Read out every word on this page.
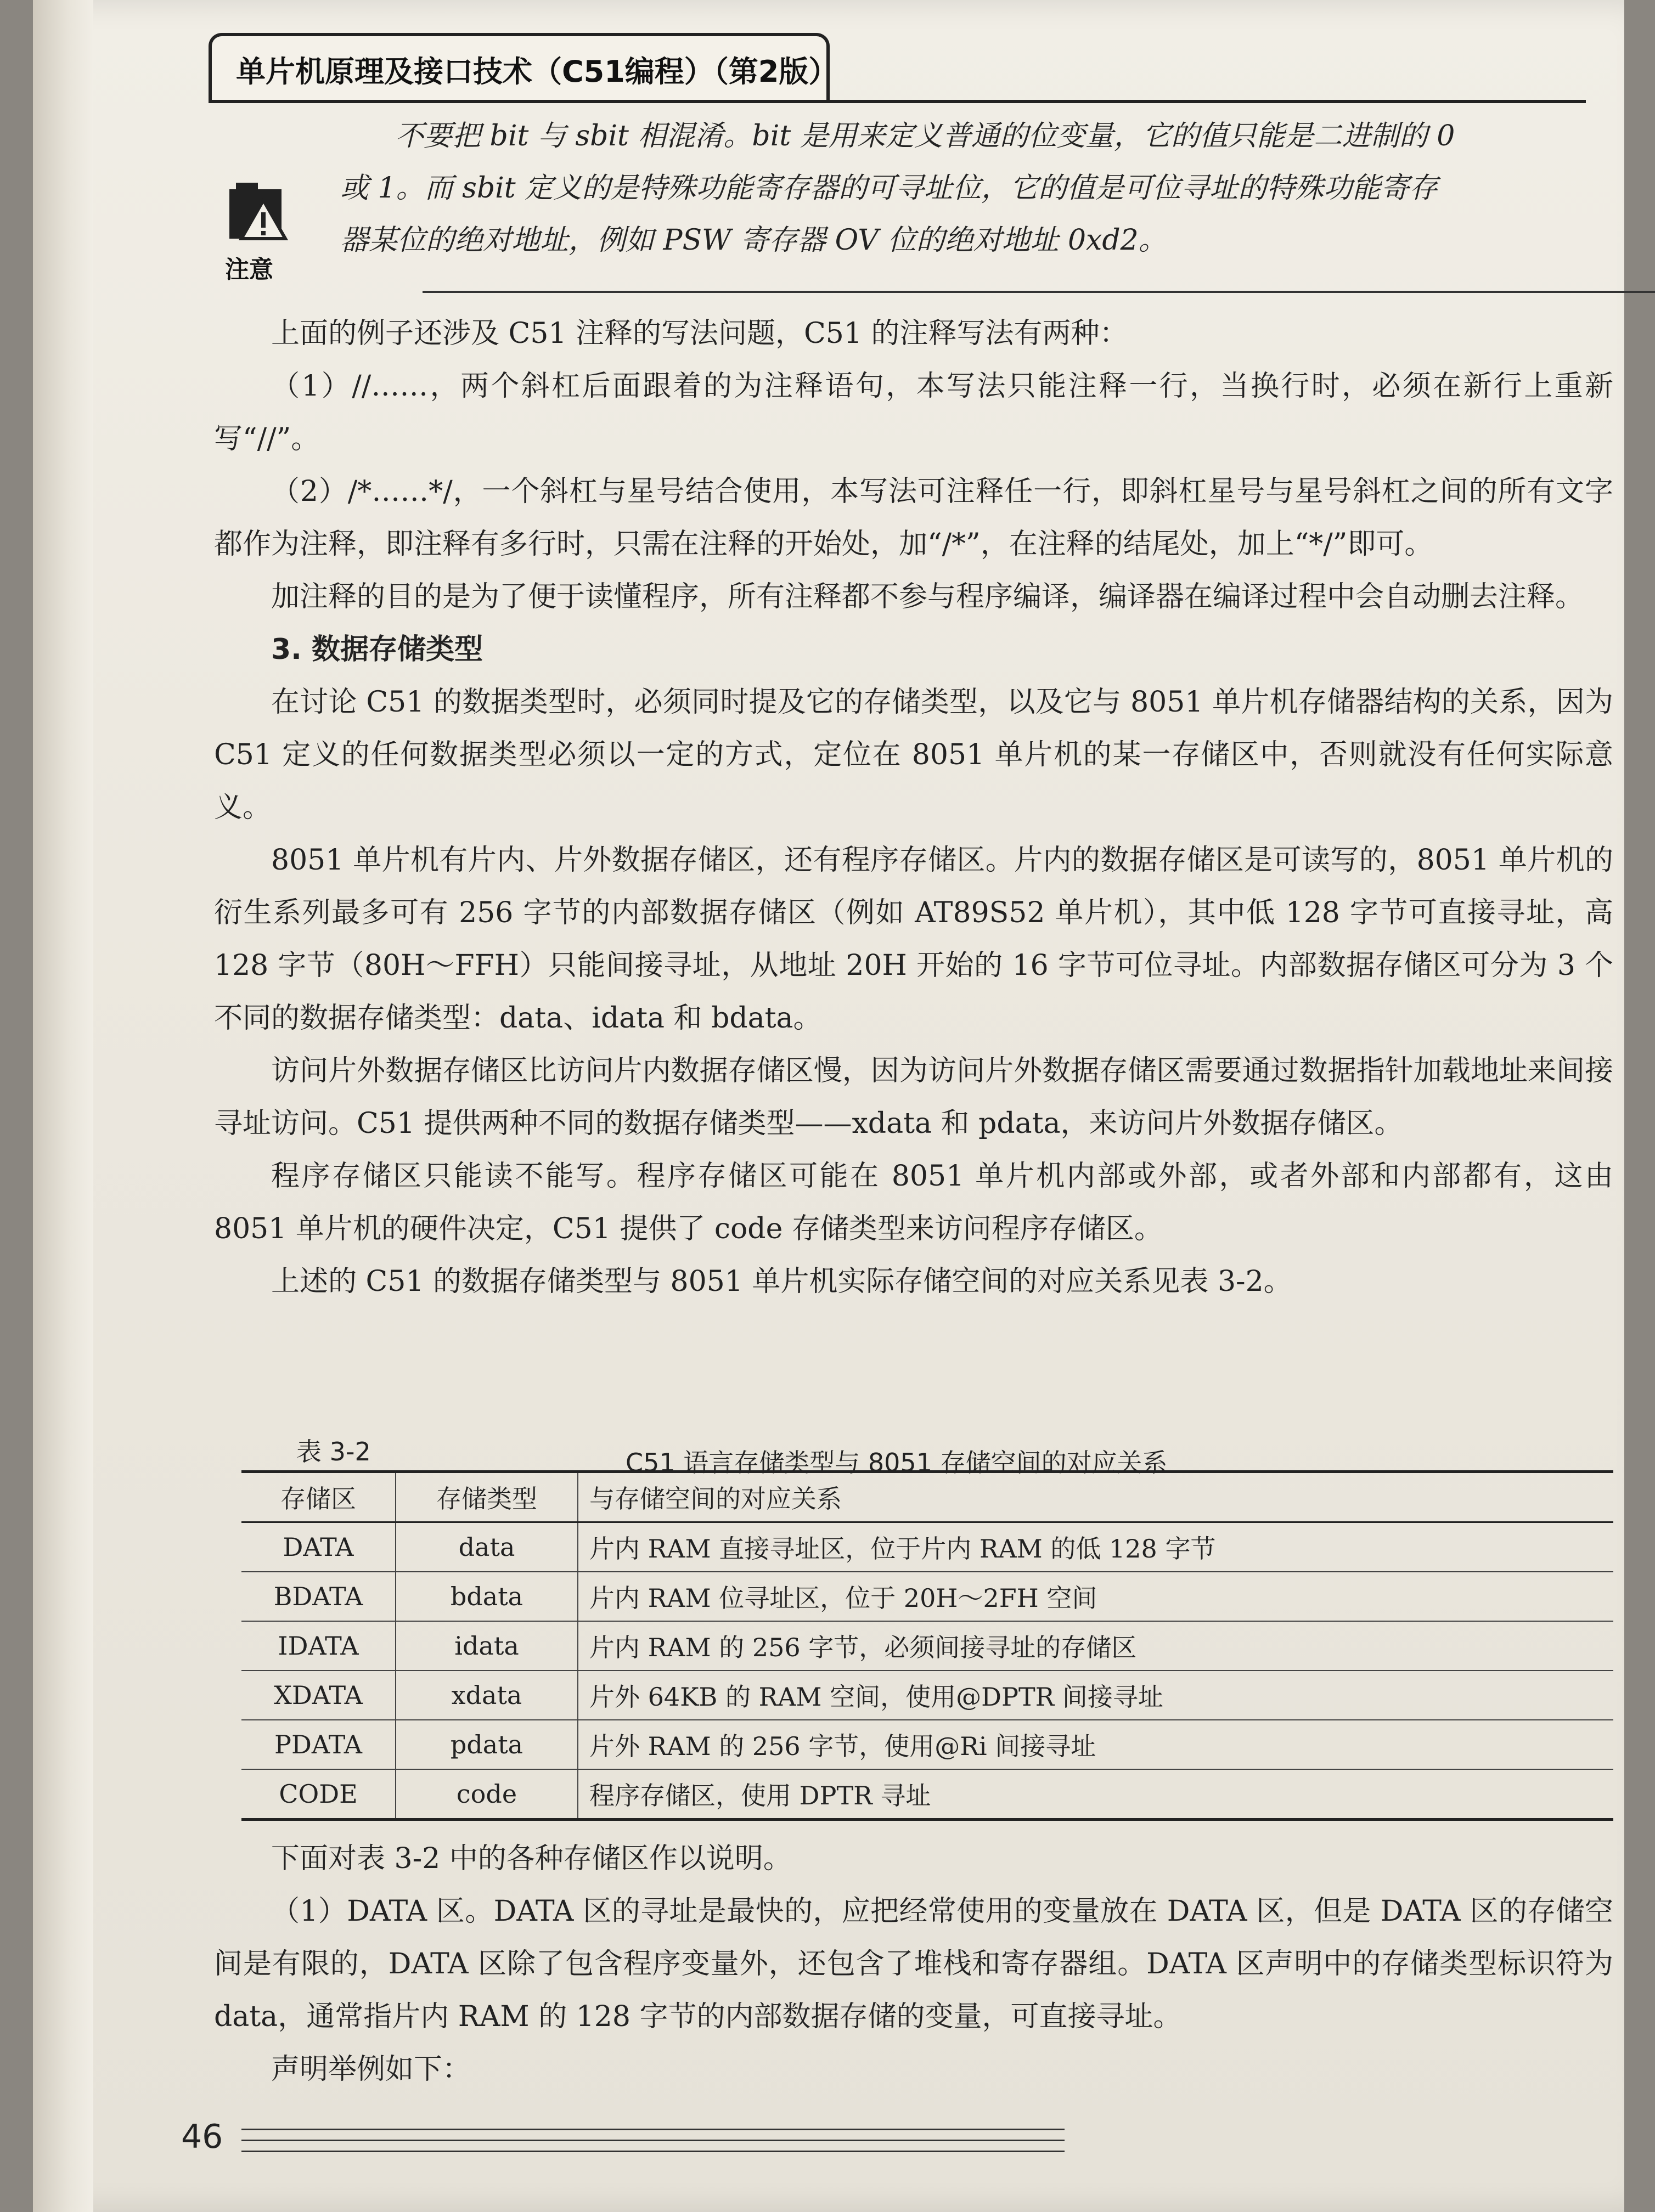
单片机原理及接口技术（C51编程）（第2版）
注意
不要把 bit 与 sbit 相混淆。bit 是用来定义普通的位变量，它的值只能是二进制的 0
或 1。而 sbit 定义的是特殊功能寄存器的可寻址位，它的值是可位寻址的特殊功能寄存
器某位的绝对地址，例如 PSW 寄存器 OV 位的绝对地址 0xd2。

上面的例子还涉及 C51 注释的写法问题，C51 的注释写法有两种：

（1）//……，两个斜杠后面跟着的为注释语句，本写法只能注释一行，当换行时，必须在新行上重新写“//”。

（2）/*……*/，一个斜杠与星号结合使用，本写法可注释任一行，即斜杠星号与星号斜杠之间的所有文字都作为注释，即注释有多行时，只需在注释的开始处，加“/*”，在注释的结尾处，加上“*/”即可。

加注释的目的是为了便于读懂程序，所有注释都不参与程序编译，编译器在编译过程中会自动删去注释。

3. 数据存储类型

在讨论 C51 的数据类型时，必须同时提及它的存储类型，以及它与 8051 单片机存储器结构的关系，因为 C51 定义的任何数据类型必须以一定的方式，定位在 8051 单片机的某一存储区中，否则就没有任何实际意义。

8051 单片机有片内、片外数据存储区，还有程序存储区。片内的数据存储区是可读写的，8051 单片机的衍生系列最多可有 256 字节的内部数据存储区（例如 AT89S52 单片机），其中低 128 字节可直接寻址，高 128 字节（80H～FFH）只能间接寻址，从地址 20H 开始的 16 字节可位寻址。内部数据存储区可分为 3 个不同的数据存储类型：data、idata 和 bdata。

访问片外数据存储区比访问片内数据存储区慢，因为访问片外数据存储区需要通过数据指针加载地址来间接寻址访问。C51 提供两种不同的数据存储类型——xdata 和 pdata，来访问片外数据存储区。

程序存储区只能读不能写。程序存储区可能在 8051 单片机内部或外部，或者外部和内部都有，这由 8051 单片机的硬件决定，C51 提供了 code 存储类型来访问程序存储区。

上述的 C51 的数据存储类型与 8051 单片机实际存储空间的对应关系见表 3-2。

表 3-2	C51 语言存储类型与 8051 存储空间的对应关系
存储区	存储类型	与存储空间的对应关系
DATA	data	片内 RAM 直接寻址区，位于片内 RAM 的低 128 字节
BDATA	bdata	片内 RAM 位寻址区，位于 20H～2FH 空间
IDATA	idata	片内 RAM 的 256 字节，必须间接寻址的存储区
XDATA	xdata	片外 64KB 的 RAM 空间，使用@DPTR 间接寻址
PDATA	pdata	片外 RAM 的 256 字节，使用@Ri 间接寻址
CODE	code	程序存储区，使用 DPTR 寻址

下面对表 3-2 中的各种存储区作以说明。

（1）DATA 区。DATA 区的寻址是最快的，应把经常使用的变量放在 DATA 区，但是 DATA 区的存储空间是有限的，DATA 区除了包含程序变量外，还包含了堆栈和寄存器组。DATA 区声明中的存储类型标识符为 data，通常指片内 RAM 的 128 字节的内部数据存储的变量，可直接寻址。

声明举例如下：

46
